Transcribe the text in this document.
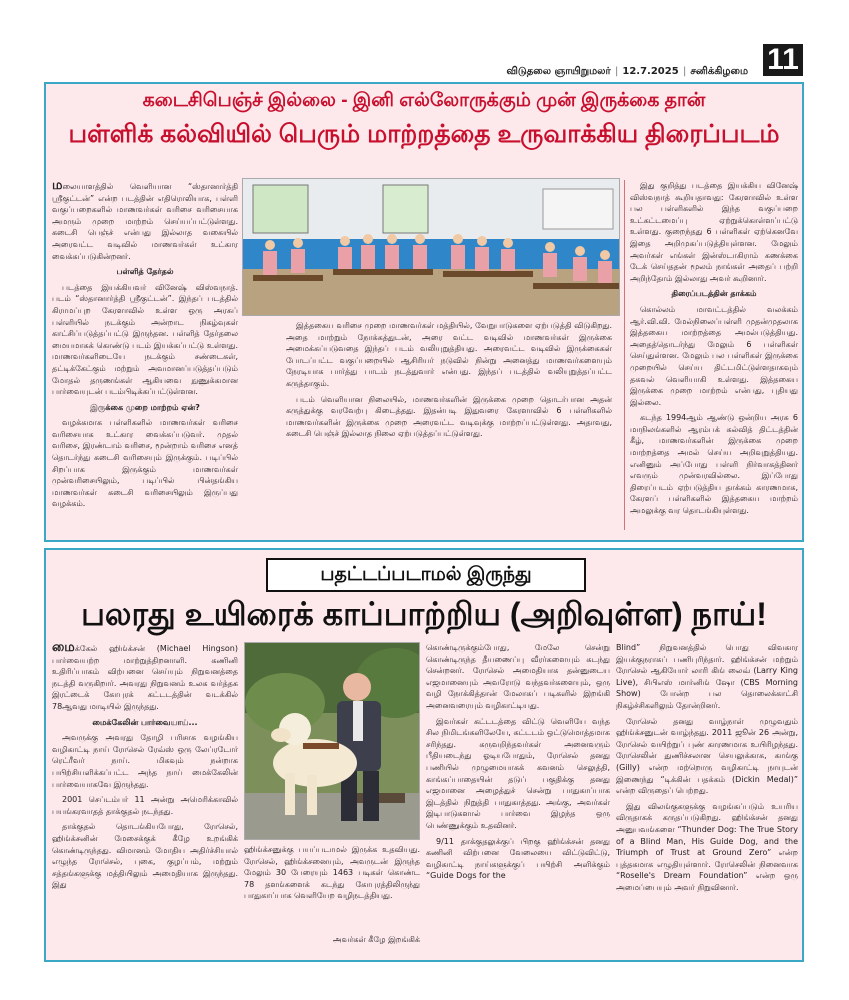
விடுதலை ஞாயிறுமலர் | 12.7.2025 | சனிக்கிழமை 11
கடைசிபெஞ்ச் இல்லை - இனி எல்லோருக்கும் முன் இருக்கை தான்
பள்ளிக் கல்வியில் பெரும் மாற்றத்தை உருவாக்கிய திரைப்படம்

மலையாளத்தில் வெளியான “ஸ்தானார்த்தி ஸ்ரீகுட்டன்” என்ற படத்தின் எதிரொலியாக, பள்ளி வகுப்பறைகளில் மாணவர்கள் வரிசை வரிசையாக அமரும் முறை மாற்றம் செய்யப்பட்டுள்ளது. கடைசி பெஞ்ச் என்பது இல்லாத வகையில் அரைவட்ட வடிவில் மாணவர்கள் உட்கார வைக்கப்படுகின்றனர்.

பள்ளித் தேர்தல்

படத்தை இயக்கியவர் வினேஷ் விஸ்வநாத். படம் “ஸ்தானார்த்தி ஸ்ரீகுட்டன்”. இந்தப் படத்தில் கிராமப்புற கேரளாவில் உள்ள ஒரு அரசுப் பள்ளியில் நடக்கும் அன்றாட நிகழ்வுகள் காட்சிப்படுத்தப்பட்டு இருந்தன. பள்ளித் தேர்தலை மையமாகக் கொண்டு படம் இயக்கப்பட்டு உள்ளது. மாணவர்களிடையே நடக்கும் சண்டைகள், தட்டிக்கேட்கும் மற்றும் அவமானப்படுத்தப்படும் மோதல் தருணங்கள் ஆகியவை நுணுக்கமான பார்வையுடன் படம்பிடிக்கப்பட்டுள்ளன.

இருக்கை முறை மாற்றம் ஏன்?

வழக்கமாக பள்ளிகளில் மாணவர்கள் வரிசை வரிசையாக உட்கார வைக்கப்படுவர். முதல் வரிசை, இரண்டாம் வரிசை, மூன்றாம் வரிசை எனத் தொடர்ந்து கடைசி வரிசையும் இருக்கும். படிப்பில் சிறப்பாக இருக்கும் மாணவர்கள் முன்வரிசையிலும், படிப்பில் பின்தங்கிய மாணவர்கள் கடைசி வரிசையிலும் இருப்பது வழக்கம்.

இத்தகைய வரிசை முறை மாணவர்கள் மத்தியில், வேறுபாடுகளை ஏற்படுத்தி விடுகிறது. அதை மாற்றும் நோக்கத்துடன், அரை வட்ட வடிவில் மாணவர்கள் இருக்கை அமைக்கப்படுவதை இந்தப் படம் வலியுறுத்தியது. அரைவட்ட வடிவில் இருக்கைகள் போடப்பட்ட வகுப்பறையில் ஆசிரியர் நடுவில் நின்று அனைத்து மாணவர்களையும் நேரடியாக பார்த்து பாடம் நடத்துவார் என்பது. இந்தப் படத்தில் வலியுறுத்தப்பட்ட கருத்தாகும்.

படம் வெளியான நிலையில், மாணவர்களின் இருக்கை முறை தொடர்பான அதன் கருத்துக்கு வரவேற்பு கிடைத்தது. இதன்படி இதுவரை கேரளாவில் 6 பள்ளிகளில் மாணவர்களின் இருக்கை முறை அரைவட்ட வடிவுக்கு மாற்றப்பட்டுள்ளது. அதாவது, கடைசி பெஞ்ச் இல்லாத நிலை ஏற்படுத்தப்பட்டுள்ளது.

இது குறித்து படத்தை இயக்கிய வினேஷ் விஸ்வநாத் கூறியதாவது: கேரளாவில் உள்ள பல பள்ளிகளில் இந்த வகுப்பறை உட்கட்டமைப்பு ஏற்றுக்கொள்ளப்பட்டு உள்ளது. குறைந்தது 6 பள்ளிகள் ஏற்கெனவே இதை அறிமுகப்படுத்தியுள்ளன. மேலும் அவர்கள் எங்கள் இன்ஸ்டாகிராம் கணக்கை டேக் செய்ததன் மூலம் நாங்கள் அதைப் பற்றி அறிந்தோம் இல்லாது அவர் கூறினார்.

திரைப்படத்தின் தாக்கம்

கொல்லம் மாவட்டத்தில் வலக்கம் ஆர்.வி.வி. மேல்நிலைப்பள்ளி முதன்முதலாக இத்தகைய மாற்றத்தை அமல்படுத்தியது. அதைத்தொடர்ந்து மேலும் 6 பள்ளிகள் செய்துள்ளன. மேலும் பல பள்ளிகள் இருக்கை முறையில் செய்ய திட்டமிட்டுள்ளதாகவும் தகவல் வெளியாகி உள்ளது. இத்தகைய இருக்கை முறை மாற்றம் என்பது, புதியது இல்லை.

கடந்த 1994ஆம் ஆண்டு ஒன்றிய அரசு 6 மாநிலங்களில் ஆரம்பக் கல்வித் திட்டத்தின் கீழ், மாணவர்களின் இருக்கை முறை மாற்றத்தை அமல் செய்ய அறிவுறுத்தியது. எனினும் அப்போது பள்ளி நிர்வாகத்தினர் எவரும் முன்வரவில்லை. இப்போது திரைப்படம் ஏற்படுத்திய தாக்கம் காரணமாக, கேரளப் பள்ளிகளில் இத்தகைய மாற்றம் அமலுக்கு வர தொடங்கியுள்ளது.

பதட்டப்படாமல் இருந்து
பலரது உயிரைக் காப்பாற்றிய (அறிவுள்ள) நாய்!

மைக்கேல் ஹிங்க்சன் (Michael Hingson) பார்வையற்ற மாற்றுத்திறனாளி. கணினி உதிரிப்பாகம் விற்பனை செய்யும் நிறுவனத்தை நடத்தி வருகிறார். அவரது நிறுவனம் உலக வர்த்தக இரட்டைக் கோபுரக் கட்டடத்தின் வடக்கில் 78ஆவது மாடியில் இருந்தது.

மைக்கேலின் பார்வையாய்...

அவருக்கு அவரது தோழி பரிசாக வழங்கிய வழிகாட்டி நாய் ரோசெல் ரேவ்ஸ் ஒரு லேப்ரடோர் ரெட்ரீவர் நாய். மிகவும் நன்றாக பயிற்சியளிக்கப்பட்ட அந்த நாய் மைக்கேலின் பார்வையாகவே இருந்தது.

2001 செப்டம்பர் 11 அன்று அமெரிக்காவில் பயங்கரவாதத் தாக்குதல் நடந்தது.

தாக்குதல் தொடங்கியபோது, ரோசெல், ஹிங்க்சனின் மேசைக்குக் கீழே உறங்கிக் கொண்டிருந்தது. விமானம் மோதிய அதிர்ச்சியால் எழுந்த ரோசெல், புகை, குழப்பம், மற்றும் சத்தங்களுக்கு மத்தியிலும் அமைதியாக இருந்தது. இது

ஹிங்க்சனுக்கு பயப்படாமல் இருக்க உதவியது. ரோசெல், ஹிங்க்சனையும், அவருடன் இருந்த மேலும் 30 பேரையும் 1463 படிகள் கொண்ட 78 தளங்களைக் கடந்து கோபுரத்திலிருந்து பாதுகாப்பாக வெளியேற வழிநடத்தியது.
அவர்கள் கீழே இறங்கிக்

கொண்டிருக்கும்போது, மேலே சென்று கொண்டிருந்த தீயணைப்பு வீரர்களையும் கடந்து சென்றனர். ரோசெல் அமைதியாக தன்னுடைய எஜமானையும் அவரோடு வந்தவர்களையும், ஒரு வழி நோக்கித்தான் மேலாகப் படிகளில் இறங்கி அனைவரையும் வழிகாட்டியது.

இவர்கள் கட்டடத்தை விட்டு வெளியே வந்த சில நிமிடங்களிலேயே, கட்டடம் ஒட்டுமொத்தமாக சரிந்தது. கருவறிந்தவர்கள் அனைவரும் பீதியடைந்து ஓடியபோதும், ரோசெல் தனது பணியில் முழுமையாகக் கவனம் செலுத்தி, காங்கப்பாதையின் தடுப் பகுதிக்கு தனது எஜமானை அழைத்துச் சென்று பாதுகாப்பாக இடத்தில் நிறுத்தி பாதுகாத்தது. அங்கு, அவர்கள் இடிபாடுகளால் பார்வை இழந்த ஒரு பெண்ணுக்கும் உதவினர்.

9/11 தாக்குதலுக்குப் பிறகு ஹிங்க்சன் தனது கணினி விற்பனை வேலையை விட்டுவிட்டு, வழிகாட்டி நாய்களுக்குப் பயிற்சி அளிக்கும் “Guide Dogs for the

Blind” நிறுவனத்தில் பொது விவகார இயக்குநராகப் பணிபுரிந்தார். ஹிங்க்சன் மற்றும் ரோசெல் ஆகியோர் லாரி கிங் லைவ் (Larry King Live), சிபிஎஸ் மார்னிங் ஷோ (CBS Morning Show) போன்ற பல தொலைக்காட்சி நிகழ்ச்சிகளிலும் தோன்றினர்.

ரோசெல் தனது வாழ்நாள் முழுவதும் ஹிங்க்சனுடன் வாழ்ந்தது. 2011 ஜூன் 26 அன்று, ரோசெல் வயிற்றுப் புண் காரணமாக உயிரிழந்தது. ரோசெலின் துணிச்சலான செயலுக்காக, காங்கு (Gilly) என்ற மற்றொரு வழிகாட்டி நாயுடன் இணைந்து “டிக்கின் பதக்கம் (Dickin Medal)” என்ற விருதைப் பெற்றது.

இது விலங்குகளுக்கு வழங்கப்படும் உயரிய விருதாகக் கருதப்படுகிறது. ஹிங்க்சன் தனது அனுபவங்களை “Thunder Dog: The True Story of a Blind Man, His Guide Dog, and the Triumph of Trust at Ground Zero” என்ற புத்தகமாக எழுதியுள்ளார். ரோசெலின் நினைவாக “Roselle's Dream Foundation” என்ற ஒரு அமைப்பையும் அவர் நிறுவினார்.
